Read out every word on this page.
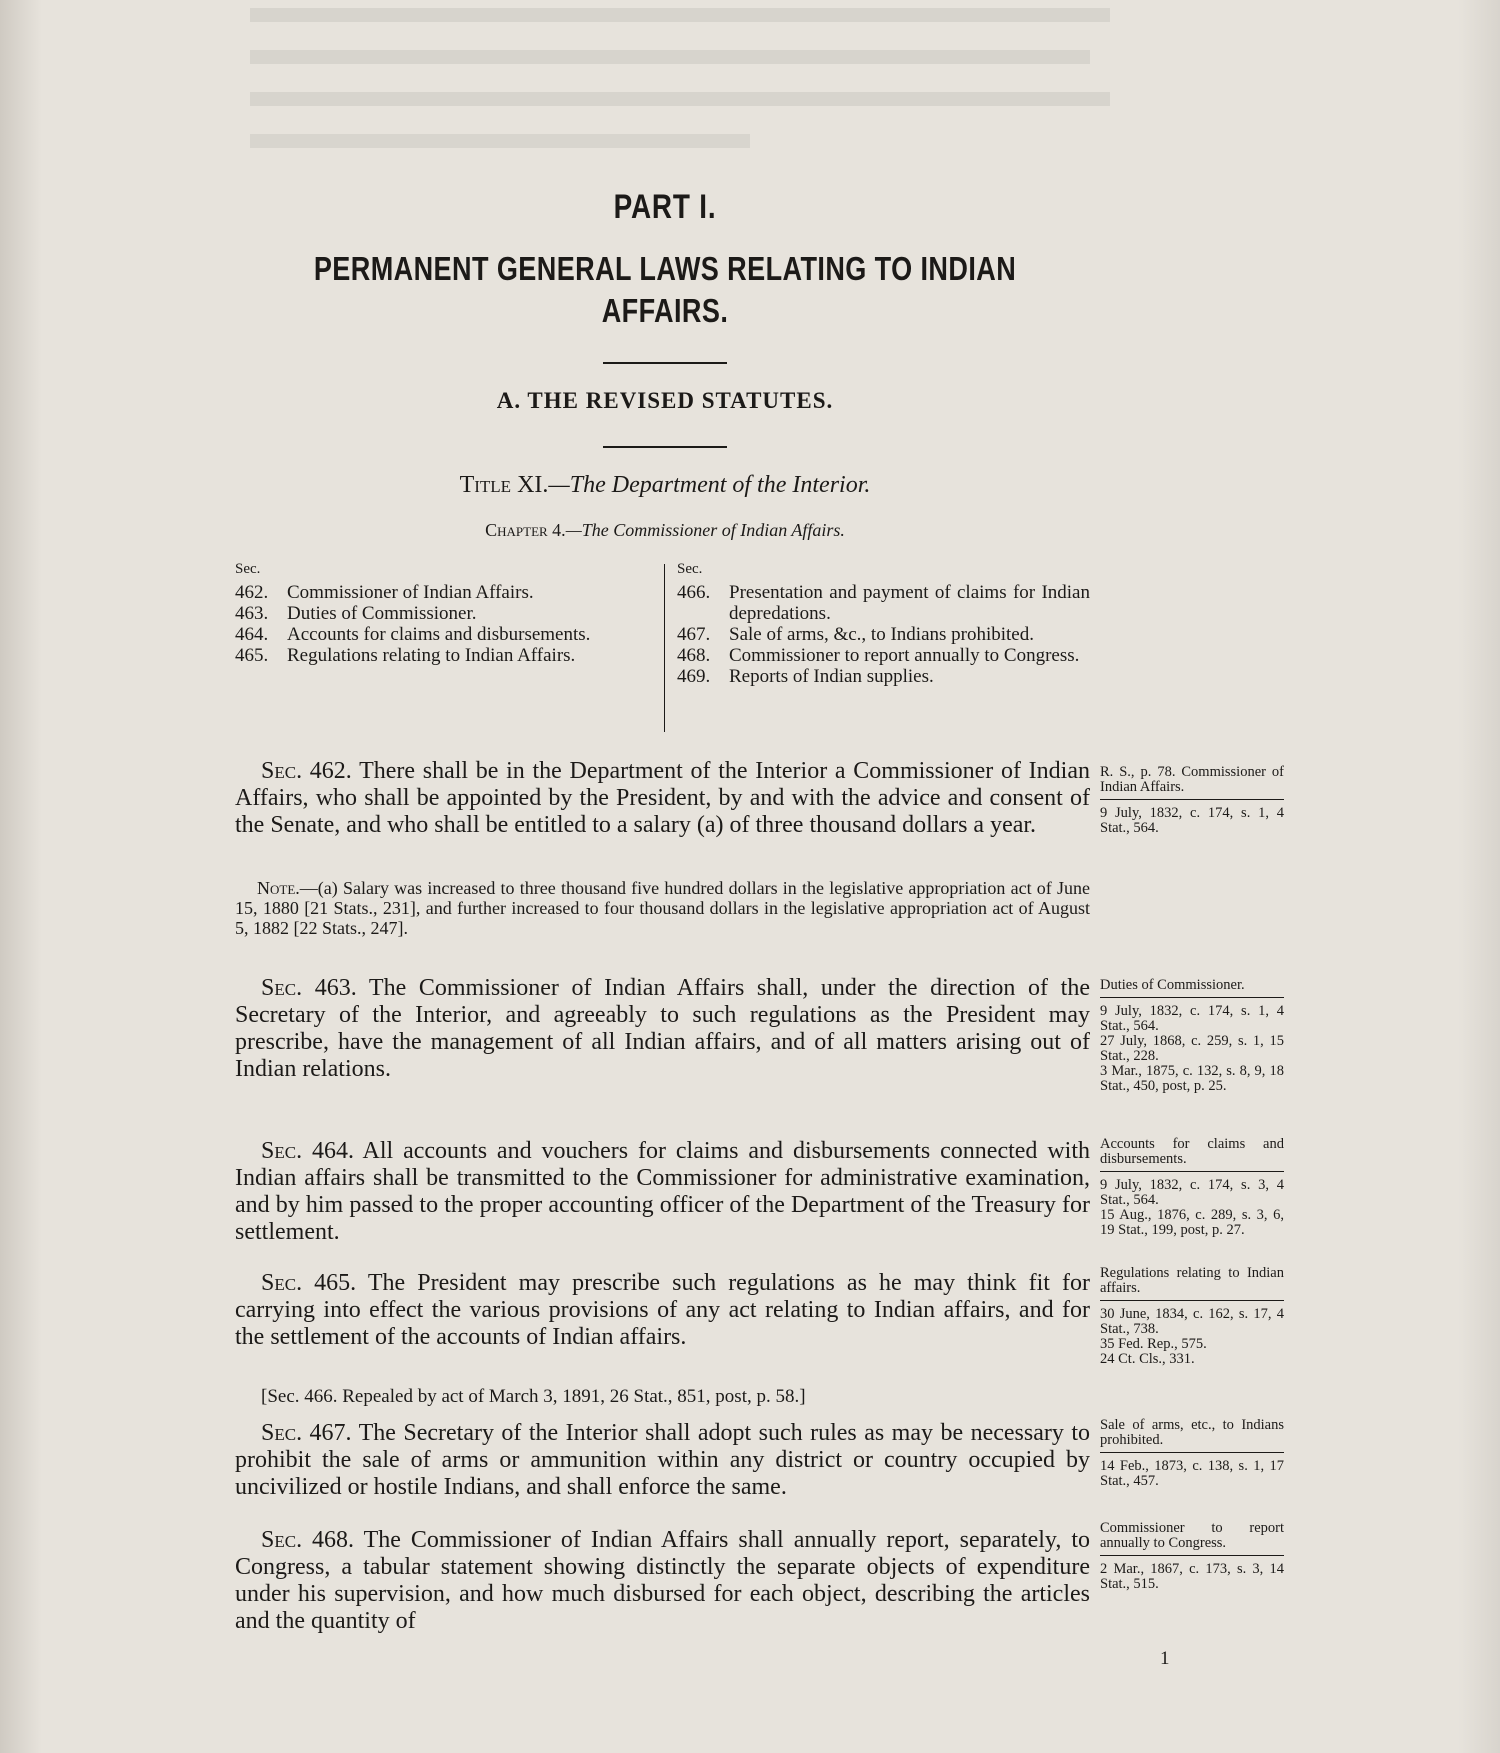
PART I.
PERMANENT GENERAL LAWS RELATING TO INDIAN
AFFAIRS.
A. THE REVISED STATUTES.
Title XI.—The Department of the Interior.
Chapter 4.—The Commissioner of Indian Affairs.
Sec.
462. Commissioner of Indian Affairs.
463. Duties of Commissioner.
464. Accounts for claims and disbursements.
465. Regulations relating to Indian Affairs.
Sec.
466. Presentation and payment of claims for Indian depredations.
467. Sale of arms, &c., to Indians prohibited.
468. Commissioner to report annually to Congress.
469. Reports of Indian supplies.
Sec. 462. There shall be in the Department of the Interior a Commissioner of Indian Affairs, who shall be appointed by the President, by and with the advice and consent of the Senate, and who shall be entitled to a salary (a) of three thousand dollars a year.
R. S., p. 78. Commissioner of Indian Affairs.
9 July, 1832, c. 174, s. 1, 4 Stat., 564.
Note.—(a) Salary was increased to three thousand five hundred dollars in the legislative appropriation act of June 15, 1880 [21 Stats., 231], and further increased to four thousand dollars in the legislative appropriation act of August 5, 1882 [22 Stats., 247].
Sec. 463. The Commissioner of Indian Affairs shall, under the direction of the Secretary of the Interior, and agreeably to such regulations as the President may prescribe, have the management of all Indian affairs, and of all matters arising out of Indian relations.
Duties of Commissioner.
9 July, 1832, c. 174, s. 1, 4 Stat., 564.
27 July, 1868, c. 259, s. 1, 15 Stat., 228.
3 Mar., 1875, c. 132, s. 8, 9, 18 Stat., 450, post, p. 25.
Sec. 464. All accounts and vouchers for claims and disbursements connected with Indian affairs shall be transmitted to the Commissioner for administrative examination, and by him passed to the proper accounting officer of the Department of the Treasury for settlement.
Accounts for claims and disbursements.
9 July, 1832, c. 174, s. 3, 4 Stat., 564.
15 Aug., 1876, c. 289, s. 3, 6, 19 Stat., 199, post, p. 27.
Sec. 465. The President may prescribe such regulations as he may think fit for carrying into effect the various provisions of any act relating to Indian affairs, and for the settlement of the accounts of Indian affairs.
Regulations relating to Indian affairs.
30 June, 1834, c. 162, s. 17, 4 Stat., 738.
35 Fed. Rep., 575.
24 Ct. Cls., 331.
[Sec. 466. Repealed by act of March 3, 1891, 26 Stat., 851, post, p. 58.]
Sec. 467. The Secretary of the Interior shall adopt such rules as may be necessary to prohibit the sale of arms or ammunition within any district or country occupied by uncivilized or hostile Indians, and shall enforce the same.
Sale of arms, etc., to Indians prohibited.
14 Feb., 1873, c. 138, s. 1, 17 Stat., 457.
Sec. 468. The Commissioner of Indian Affairs shall annually report, separately, to Congress, a tabular statement showing distinctly the separate objects of expenditure under his supervision, and how much disbursed for each object, describing the articles and the quantity of
Commissioner to report annually to Congress.
2 Mar., 1867, c. 173, s. 3, 14 Stat., 515.
1
